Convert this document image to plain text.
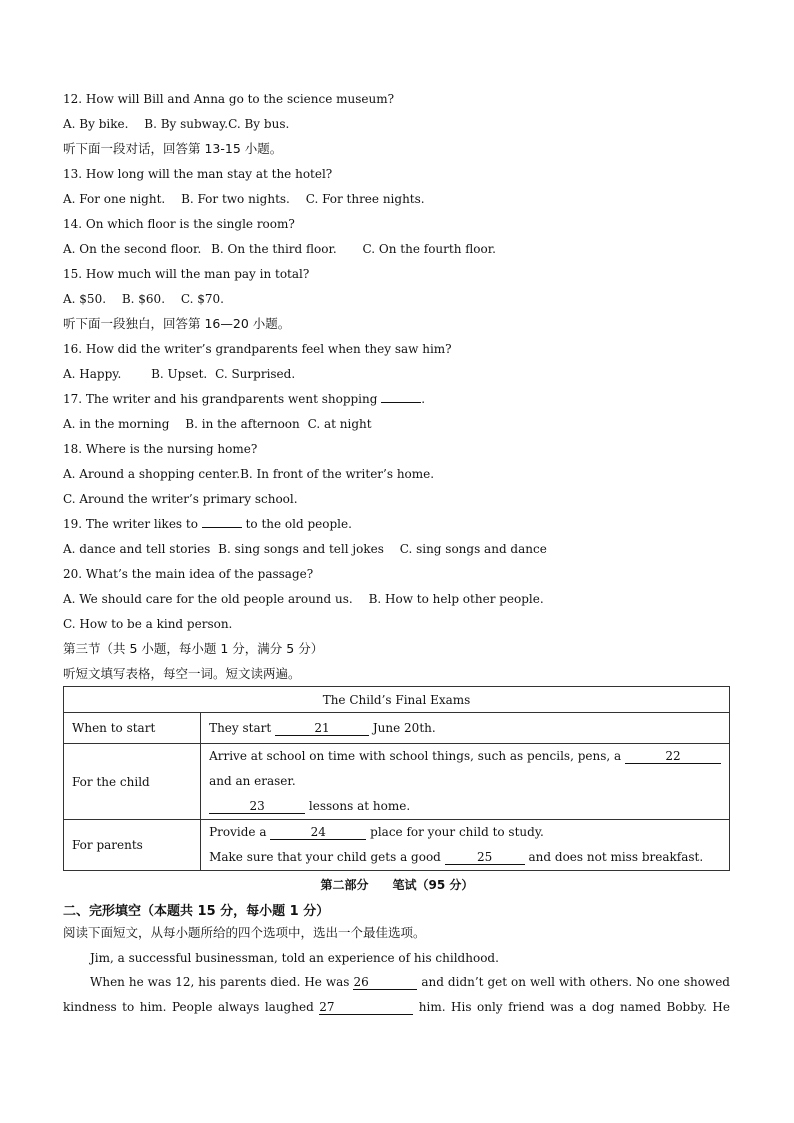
12. How will Bill and Anna go to the science museum?
A. By bike. B. By subway.C. By bus.
听下面一段对话，回答第 13-15 小题。
13. How long will the man stay at the hotel?
A. For one night. B. For two nights. C. For three nights.
14. On which floor is the single room?
A. On the second floor. B. On the third floor. C. On the fourth floor.
15. How much will the man pay in total?
A. $50. B. $60. C. $70.
听下面一段独白，回答第 16—20 小题。
16. How did the writer’s grandparents feel when they saw him?
A. Happy. B. Upset. C. Surprised.
17. The writer and his grandparents went shopping	.
A. in the morning B. in the afternoon C. at night
18. Where is the nursing home?
A. Around a shopping center.B. In front of the writer’s home.
C. Around the writer’s primary school.
19. The writer likes to	to the old people.
A. dance and tell stories B. sing songs and tell jokes C. sing songs and dance
20. What’s the main idea of the passage?
A. We should care for the old people around us. B. How to help other people.
C. How to be a kind person.
第三节（共 5 小题，每小题 1 分，满分 5 分）
听短文填写表格，每空一词。短文读两遍。
The Child’s Final Exams	
When to start	They start 21 June 20th.
For the child	Arrive at school on time with school things, such as pencils, pens, a 22
and an eraser.
23 lessons at home.

For parents	Provide a 24 place for your child to study.
Make sure that your child gets a good 25 and does not miss breakfast.
第二部分　　笔试（95 分）
二、完形填空（本题共 15 分，每小题 1 分）
阅读下面短文，从每小题所给的四个选项中，选出一个最佳选项。
Jim, a successful businessman, told an experience of his childhood.
When he was 12, his parents died. He was 26	and didn’t get on well with others. No one showed
kindness to him. People always laughed 27	him. His only friend was a dog named Bobby. He
